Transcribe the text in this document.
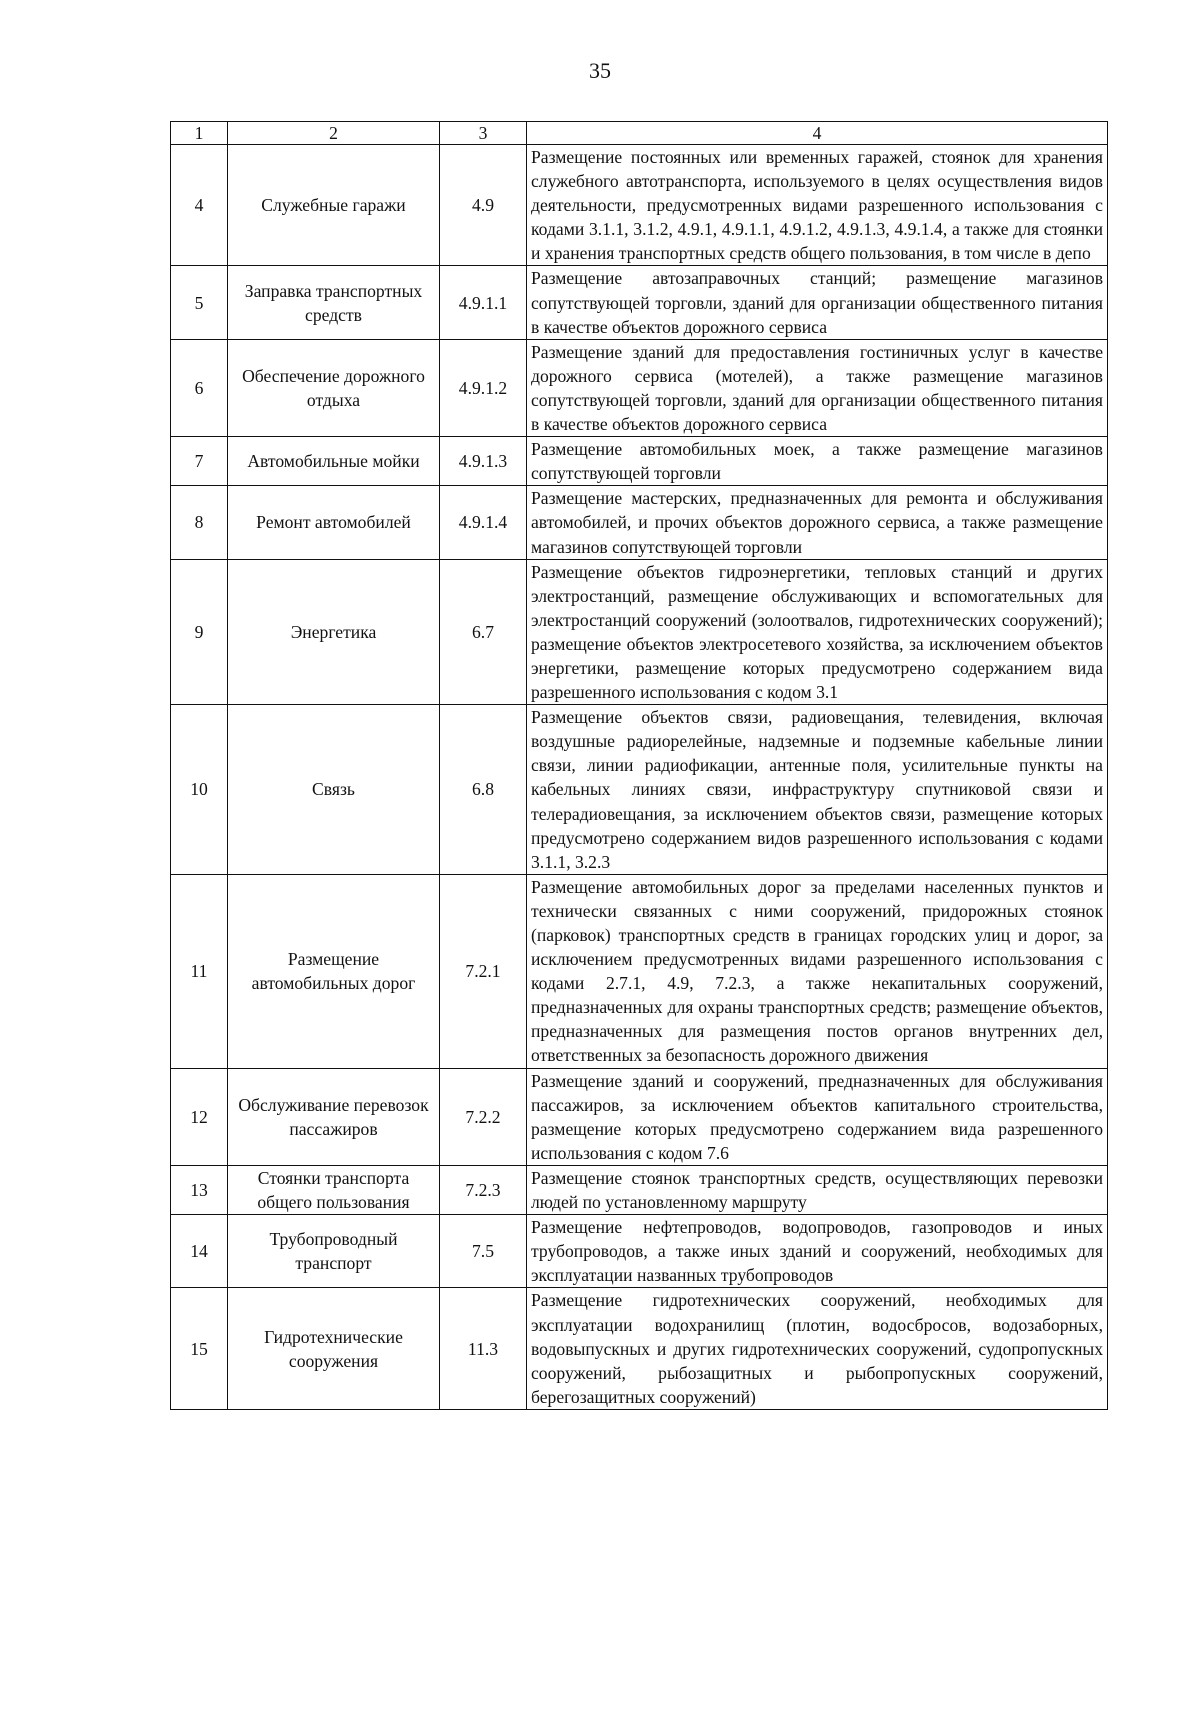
35
1	2	3	4
4	Служебные гаражи	4.9	Размещение постоянных или временных гаражей, стоянок для хранения служебного автотранспорта, используемого в целях осуществления видов деятельности, предусмотренных видами разрешенного использования с кодами 3.1.1, 3.1.2, 4.9.1, 4.9.1.1, 4.9.1.2, 4.9.1.3, 4.9.1.4, а также для стоянки и хранения транспортных средств общего пользования, в том числе в депо
5	Заправка транспортных средств	4.9.1.1	Размещение автозаправочных станций; размещение магазинов сопутствующей торговли, зданий для организации общественного питания в качестве объектов дорожного сервиса
6	Обеспечение дорожного отдыха	4.9.1.2	Размещение зданий для предоставления гостиничных услуг в качестве дорожного сервиса (мотелей), а также размещение магазинов сопутствующей торговли, зданий для организации общественного питания в качестве объектов дорожного сервиса
7	Автомобильные мойки	4.9.1.3	Размещение автомобильных моек, а также размещение магазинов сопутствующей торговли
8	Ремонт автомобилей	4.9.1.4	Размещение мастерских, предназначенных для ремонта и обслуживания автомобилей, и прочих объектов дорожного сервиса, а также размещение магазинов сопутствующей торговли
9	Энергетика	6.7	Размещение объектов гидроэнергетики, тепловых станций и других электростанций, размещение обслуживающих и вспомогательных для электростанций сооружений (золоотвалов, гидротехнических сооружений); размещение объектов электросетевого хозяйства, за исключением объектов энергетики, размещение которых предусмотрено содержанием вида разрешенного использования с кодом 3.1
10	Связь	6.8	Размещение объектов связи, радиовещания, телевидения, включая воздушные радиорелейные, надземные и подземные кабельные линии связи, линии радиофикации, антенные поля, усилительные пункты на кабельных линиях связи, инфраструктуру спутниковой связи и телерадиовещания, за исключением объектов связи, размещение которых предусмотрено содержанием видов разрешенного использования с кодами 3.1.1, 3.2.3
11	Размещение автомобильных дорог	7.2.1	Размещение автомобильных дорог за пределами населенных пунктов и технически связанных с ними сооружений, придорожных стоянок (парковок) транспортных средств в границах городских улиц и дорог, за исключением предусмотренных видами разрешенного использования с кодами 2.7.1, 4.9, 7.2.3, а также некапитальных сооружений, предназначенных для охраны транспортных средств; размещение объектов, предназначенных для размещения постов органов внутренних дел, ответственных за безопасность дорожного движения
12	Обслуживание перевозок пассажиров	7.2.2	Размещение зданий и сооружений, предназначенных для обслуживания пассажиров, за исключением объектов капитального строительства, размещение которых предусмотрено содержанием вида разрешенного использования с кодом 7.6
13	Стоянки транспорта общего пользования	7.2.3	Размещение стоянок транспортных средств, осуществляющих перевозки людей по установленному маршруту
14	Трубопроводный транспорт	7.5	Размещение нефтепроводов, водопроводов, газопроводов и иных трубопроводов, а также иных зданий и сооружений, необходимых для эксплуатации названных трубопроводов
15	Гидротехнические сооружения	11.3	Размещение гидротехнических сооружений, необходимых для эксплуатации водохранилищ (плотин, водосбросов, водозаборных, водовыпускных и других гидротехнических сооружений, судопропускных сооружений, рыбозащитных и рыбопропускных сооружений, берегозащитных сооружений)
